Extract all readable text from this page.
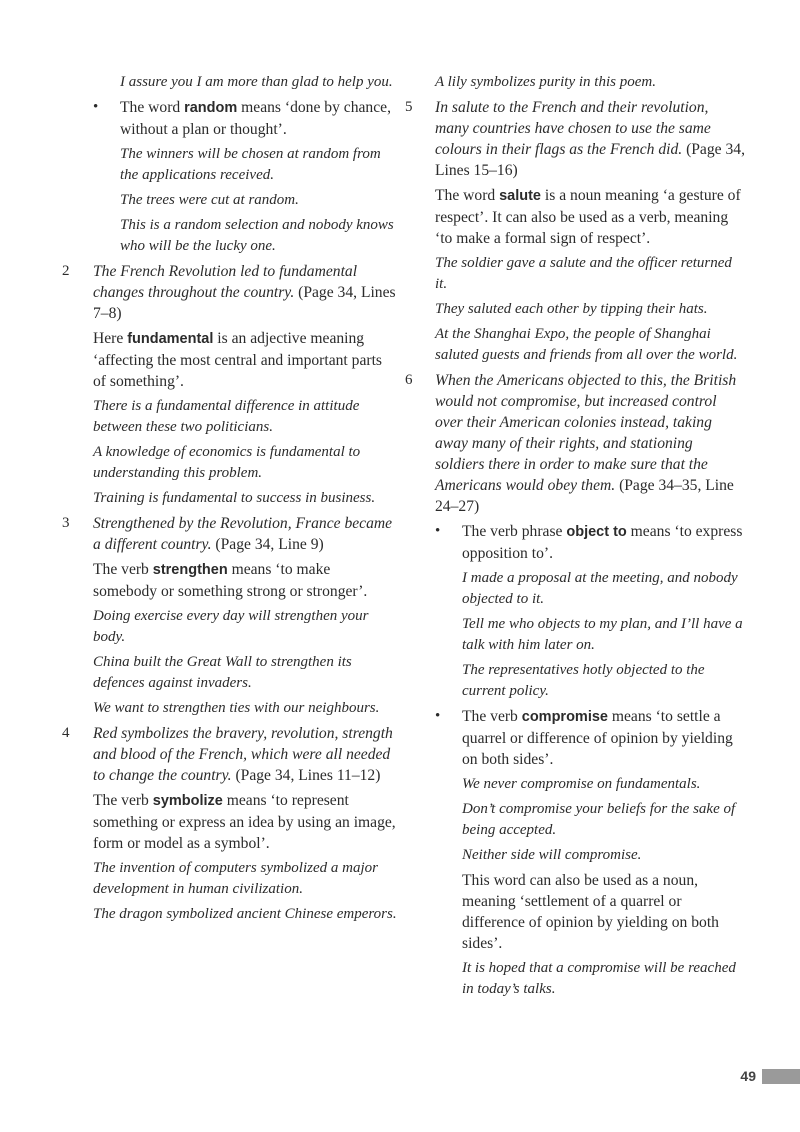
I assure you I am more than glad to help you.

•	The word random means ‘done by chance, without a plan or thought’.

The winners will be chosen at random from the applications received.

The trees were cut at random.

This is a random selection and nobody knows who will be the lucky one.

2	The French Revolution led to fundamental changes throughout the country. (Page 34, Lines 7–8)

Here fundamental is an adjective meaning ‘affecting the most central and important parts of something’.

There is a fundamental difference in attitude between these two politicians.

A knowledge of economics is fundamental to understanding this problem.

Training is fundamental to success in business.

3	Strengthened by the Revolution, France became a different country. (Page 34, Line 9)

The verb strengthen means ‘to make somebody or something strong or stronger’.

Doing exercise every day will strengthen your body.

China built the Great Wall to strengthen its defences against invaders.

We want to strengthen ties with our neighbours.

4	Red symbolizes the bravery, revolution, strength and blood of the French, which were all needed to change the country. (Page 34, Lines 11–12)

The verb symbolize means ‘to represent something or express an idea by using an image, form or model as a symbol’.

The invention of computers symbolized a major development in human civilization.

The dragon symbolized ancient Chinese emperors.

A lily symbolizes purity in this poem.

5	In salute to the French and their revolution, many countries have chosen to use the same colours in their flags as the French did. (Page 34, Lines 15–16)

The word salute is a noun meaning ‘a gesture of respect’. It can also be used as a verb, meaning ‘to make a formal sign of respect’.

The soldier gave a salute and the officer returned it.

They saluted each other by tipping their hats.

At the Shanghai Expo, the people of Shanghai saluted guests and friends from all over the world.

6	When the Americans objected to this, the British would not compromise, but increased control over their American colonies instead, taking away many of their rights, and stationing soldiers there in order to make sure that the Americans would obey them. (Page 34–35, Line 24–27)

•	The verb phrase object to means ‘to express opposition to’.

I made a proposal at the meeting, and nobody objected to it.

Tell me who objects to my plan, and I’ll have a talk with him later on.

The representatives hotly objected to the current policy.

•	The verb compromise means ‘to settle a quarrel or difference of opinion by yielding on both sides’.

We never compromise on fundamentals.

Don’t compromise your beliefs for the sake of being accepted.

Neither side will compromise.

This word can also be used as a noun, meaning ‘settlement of a quarrel or difference of opinion by yielding on both sides’.

It is hoped that a compromise will be reached in today’s talks.

49
